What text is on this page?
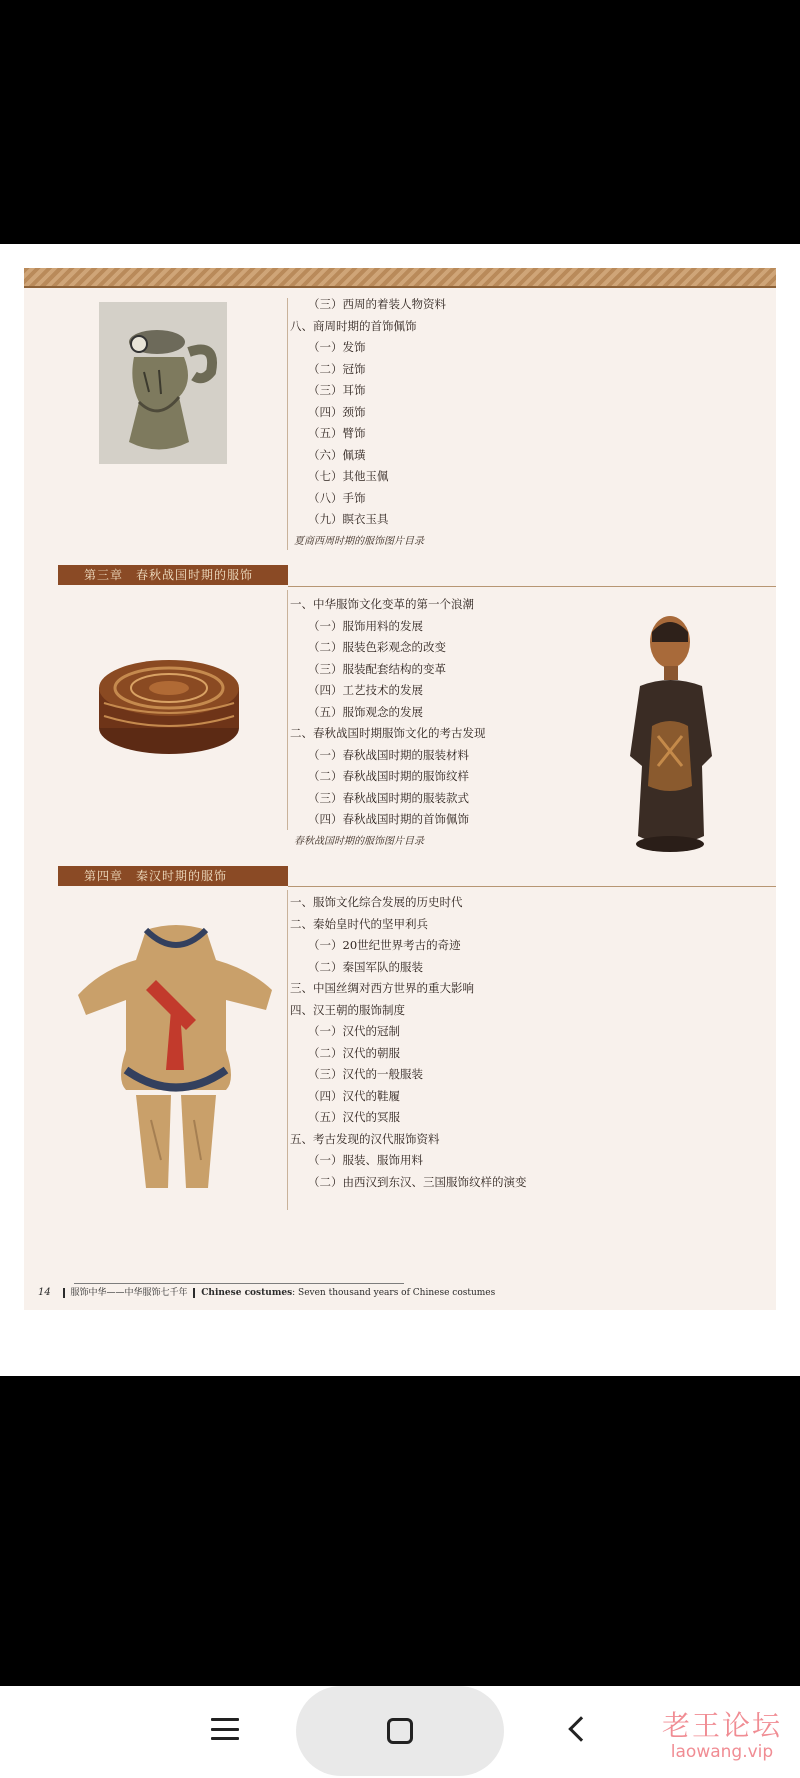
（三）西周的着装人物资料
八、商周时期的首饰佩饰
（一）发饰
（二）冠饰
（三）耳饰
（四）颈饰
（五）臂饰
（六）佩璜
（七）其他玉佩
（八）手饰
（九）瞑衣玉具
夏商西周时期的服饰图片目录
第三章　春秋战国时期的服饰
一、中华服饰文化变革的第一个浪潮
（一）服饰用料的发展
（二）服装色彩观念的改变
（三）服装配套结构的变革
（四）工艺技术的发展
（五）服饰观念的发展
二、春秋战国时期服饰文化的考古发现
（一）春秋战国时期的服装材料
（二）春秋战国时期的服饰纹样
（三）春秋战国时期的服装款式
（四）春秋战国时期的首饰佩饰
春秋战国时期的服饰图片目录
第四章　秦汉时期的服饰
一、服饰文化综合发展的历史时代
二、秦始皇时代的坚甲利兵
（一）20世纪世界考古的奇迹
（二）秦国军队的服装
三、中国丝绸对西方世界的重大影响
四、汉王朝的服饰制度
（一）汉代的冠制
（二）汉代的朝服
（三）汉代的一般服装
（四）汉代的鞋履
（五）汉代的冥服
五、考古发现的汉代服饰资料
（一）服装、服饰用料
（二）由西汉到东汉、三国服饰纹样的演变
14 服饰中华——中华服饰七千年 Chinese costumes: Seven thousand years of Chinese costumes
老王论坛
laowang.vip
